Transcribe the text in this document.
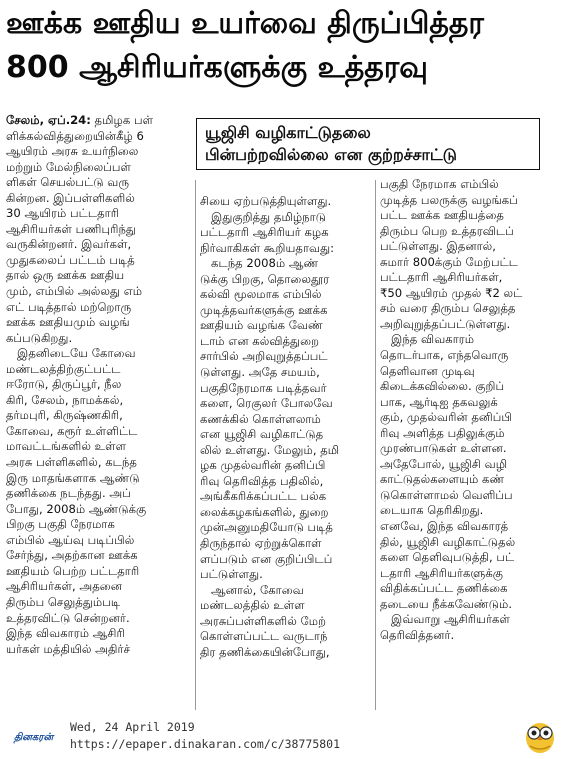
ஊக்க ஊதிய உயர்வை திருப்பித்தர
800 ஆசிரியர்களுக்கு உத்தரவு
யூஜிசி வழிகாட்டுதலை
பின்பற்றவில்லை என குற்றச்சாட்டு
சேலம், ஏப்.24: தமிழக பள்
ளிக்கல்வித்துறையின்கீழ் 6
ஆயிரம் அரசு உயர்நிலை
மற்றும் மேல்நிலைப்பள்
ளிகள் செயல்பட்டு வரு
கின்றன. இப்பள்ளிகளில்
30 ஆயிரம் பட்டதாரி
ஆசிரியர்கள் பணிபுரிந்து
வருகின்றனர். இவர்கள்,
முதுகலைப் பட்டம் படித்
தால் ஒரு ஊக்க ஊதிய
மும், எம்பில் அல்லது எம்
எட் படித்தால் மற்றொரு
ஊக்க ஊதியமும் வழங்
கப்படுகிறது.
இதனிடையே கோவை
மண்டலத்திற்குட்பட்ட
ஈரோடு, திருப்பூர், நீல
கிரி, சேலம், நாமக்கல்,
தர்மபுரி, கிருஷ்ணகிரி,
கோவை, கரூர் உள்ளிட்ட
மாவட்டங்களில் உள்ள
அரசு பள்ளிகளில், கடந்த
இரு மாதங்களாக ஆண்டு
தணிக்கை நடந்தது. அப்
போது, 2008ம் ஆண்டுக்கு
பிறகு பகுதி நேரமாக
எம்பில் ஆய்வு படிப்பில்
சேர்ந்து, அதற்கான ஊக்க
ஊதியம் பெற்ற பட்டதாரி
ஆசிரியர்கள், அதனை
திரும்ப செலுத்தும்படி
உத்தரவிட்டு சென்றனர்.
இந்த விவகாரம் ஆசிரி
யர்கள் மத்தியில் அதிர்ச்
சியை ஏற்படுத்தியுள்ளது.
இதுகுறித்து தமிழ்நாடு
பட்டதாரி ஆசிரியர் கழக
நிர்வாகிகள் கூறியதாவது:
கடந்த 2008ம் ஆண்
டுக்கு பிறகு, தொலைதூர
கல்வி மூலமாக எம்பில்
முடித்தவர்களுக்கு ஊக்க
ஊதியம் வழங்க வேண்
டாம் என கல்வித்துறை
சார்பில் அறிவுறுத்தப்பட்
டுள்ளது. அதே சமயம்,
பகுதிநேரமாக படித்தவர்
களை, ரெகுலர் போலவே
கணக்கில் கொள்ளலாம்
என யூஜிசி வழிகாட்டுத
லில் உள்ளது. மேலும், தமி
ழக முதல்வரின் தனிப்பி
ரிவு தெரிவித்த பதிலில்,
அங்கீகரிக்கப்பட்ட பல்க
லைக்கழகங்களில், துறை
முன்அனுமதியோடு படித்
திருந்தால் ஏற்றுக்கொள்
ளப்படும் என குறிப்பிடப்
பட்டுள்ளது.
ஆனால், கோவை
மண்டலத்தில் உள்ள
அரசுப்பள்ளிகளில் மேற்
கொள்ளப்பட்ட வருடாந்
திர தணிக்கையின்போது,
பகுதி நேரமாக எம்பில்
முடித்த பலருக்கு வழங்கப்
பட்ட ஊக்க ஊதியத்தை
திரும்ப பெற உத்தரவிடப்
பட்டுள்ளது. இதனால்,
சுமார் 800க்கும் மேற்பட்ட
பட்டதாரி ஆசிரியர்கள்,
₹50 ஆயிரம் முதல் ₹2 லட்
சம் வரை திரும்ப செலுத்த
அறிவுறுத்தப்பட்டுள்ளது.
இந்த விவகாரம்
தொடர்பாக, எந்தவொரு
தெளிவான முடிவு
கிடைக்கவில்லை. குறிப்
பாக, ஆர்டிஐ தகவலுக்
கும், முதல்வரின் தனிப்பி
ரிவு அளித்த பதிலுக்கும்
முரண்பாடுகள் உள்ளன.
அதேபோல், யூஜிசி வழி
காட்டுதல்களையும் கண்
டுகொள்ளாமல் வெளிப்ப
டையாக தெரிகிறது.
எனவே, இந்த விவகாரத்
தில், யூஜிசி வழிகாட்டுதல்
களை தெளிவுபடுத்தி, பட்
டதாரி ஆசிரியர்களுக்கு
விதிக்கப்பட்ட தணிக்கை
தடையை நீக்கவேண்டும்.
இவ்வாறு ஆசிரியர்கள்
தெரிவித்தனர்.
தினகரன்
Wed, 24 April 2019
https://epaper.dinakaran.com/c/38775801
